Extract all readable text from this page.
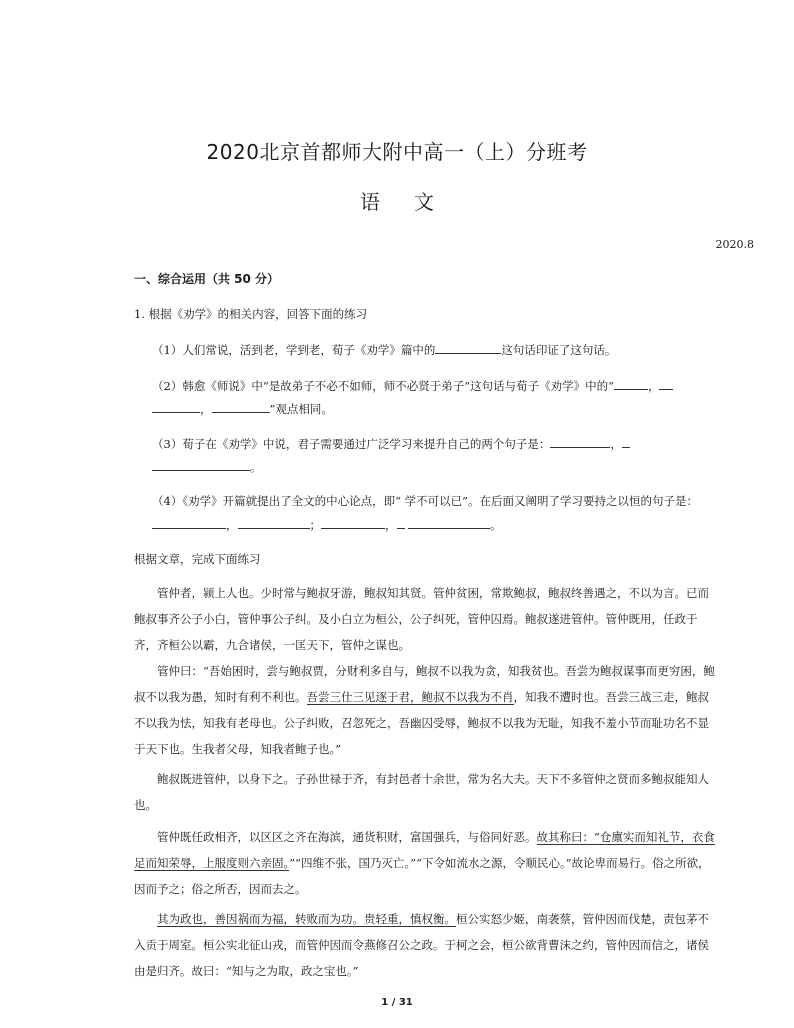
2020北京首都师大附中高一（上）分班考
语文
2020.8
一、综合运用（共 50 分）
1. 根据《劝学》的相关内容，回答下面的练习
（1）人们常说，活到老，学到老，荀子《劝学》篇中的	这句话印证了这句话。
（2）韩愈《师说》中“是故弟子不必不如师，师不必贤于弟子”这句话与荀子《劝学》中的“	，
，	”观点相同。
（3）荀子在《劝学》中说，君子需要通过广泛学习来提升自己的两个句子是：	，
。
（4）《劝学》开篇就提出了全文的中心论点，即“ 学不可以已”。在后面又阐明了学习要持之以恒的句子是：
，	；	，	。
根据文章，完成下面练习
管仲者，颍上人也。少时常与鲍叔牙游，鲍叔知其贤。管仲贫困，常欺鲍叔，鲍叔终善遇之，不以为言。已而鲍叔事齐公子小白，管仲事公子纠。及小白立为桓公，公子纠死，管仲囚焉。鲍叔遂进管仲。管仲既用，任政于齐，齐桓公以霸，九合诸侯，一匡天下，管仲之谋也。
管仲曰：“吾始困时，尝与鲍叔贾，分财利多自与，鲍叔不以我为贪，知我贫也。吾尝为鲍叔谋事而更穷困，鲍叔不以我为愚，知时有利不利也。吾尝三仕三见逐于君，鲍叔不以我为不肖，知我不遭时也。吾尝三战三走，鲍叔不以我为怯，知我有老母也。公子纠败，召忽死之，吾幽囚受辱，鲍叔不以我为无耻，知我不羞小节而耻功名不显于天下也。生我者父母，知我者鲍子也。”
鲍叔既进管仲，以身下之。子孙世禄于齐，有封邑者十余世，常为名大夫。天下不多管仲之贤而多鲍叔能知人也。
管仲既任政相齐，以区区之齐在海滨，通货积财，富国强兵，与俗同好恶。故其称曰：“仓廪实而知礼节，衣食足而知荣辱，上服度则六亲固。”“四维不张，国乃灭亡。”“下令如流水之源，令顺民心。”故论卑而易行。俗之所欲，因而予之；俗之所否，因而去之。
其为政也，善因祸而为福，转败而为功。贵轻重，慎权衡。桓公实怒少姬，南袭蔡，管仲因而伐楚，责包茅不入贡于周室。桓公实北征山戎，而管仲因而令燕修召公之政。于柯之会，桓公欲背曹沫之约，管仲因而信之，诸侯由是归齐。故曰：“知与之为取，政之宝也。”
1 / 31
